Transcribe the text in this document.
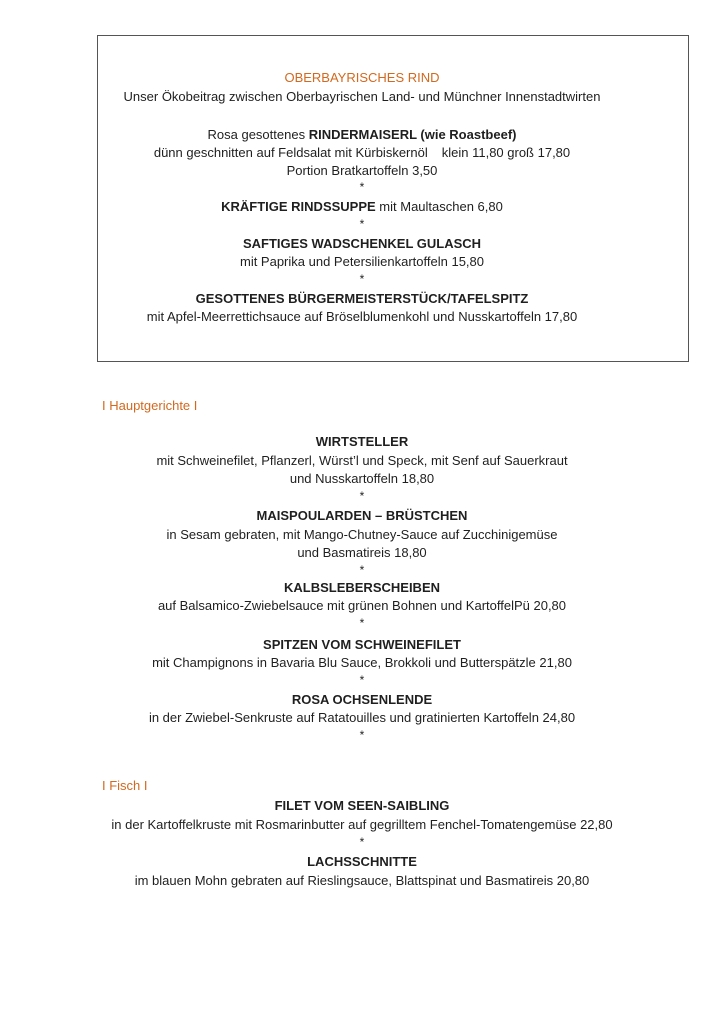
OBERBAYRISCHES RIND
Unser Ökobeitrag zwischen Oberbayrischen Land- und Münchner Innenstadtwirten
Rosa gesottenes RINDERMAISERL (wie Roastbeef)
dünn geschnitten auf Feldsalat mit Kürbiskernöl klein 11,80 groß 17,80
Portion Bratkartoffeln 3,50
*
KRÄFTIGE RINDSSUPPE mit Maultaschen 6,80
*
SAFTIGES WADSCHENKEL GULASCH
mit Paprika und Petersilienkartoffeln 15,80
*
GESOTTENES BÜRGERMEISTERSTÜCK/TAFELSPITZ
mit Apfel-Meerrettichsauce auf Bröselblumenkohl und Nusskartoffeln 17,80
I Hauptgerichte I
WIRTSTELLER
mit Schweinefilet, Pflanzerl, Würst’l und Speck, mit Senf auf Sauerkraut
und Nusskartoffeln 18,80
*
MAISPOULARDEN – BRÜSTCHEN
in Sesam gebraten, mit Mango-Chutney-Sauce auf Zucchinigemüse
und Basmatireis 18,80
*
KALBSLEBERSCHEIBEN
auf Balsamico-Zwiebelsauce mit grünen Bohnen und KartoffelPü 20,80
*
SPITZEN VOM SCHWEINEFILET
mit Champignons in Bavaria Blu Sauce, Brokkoli und Butterspätzle 21,80
*
ROSA OCHSENLENDE
in der Zwiebel-Senkruste auf Ratatouilles und gratinierten Kartoffeln 24,80
*
I Fisch I
FILET VOM SEEN-SAIBLING
in der Kartoffelkruste mit Rosmarinbutter auf gegrilltem Fenchel-Tomatengemüse 22,80
*
LACHSSCHNITTE
im blauen Mohn gebraten auf Rieslingsauce, Blattspinat und Basmatireis 20,80
